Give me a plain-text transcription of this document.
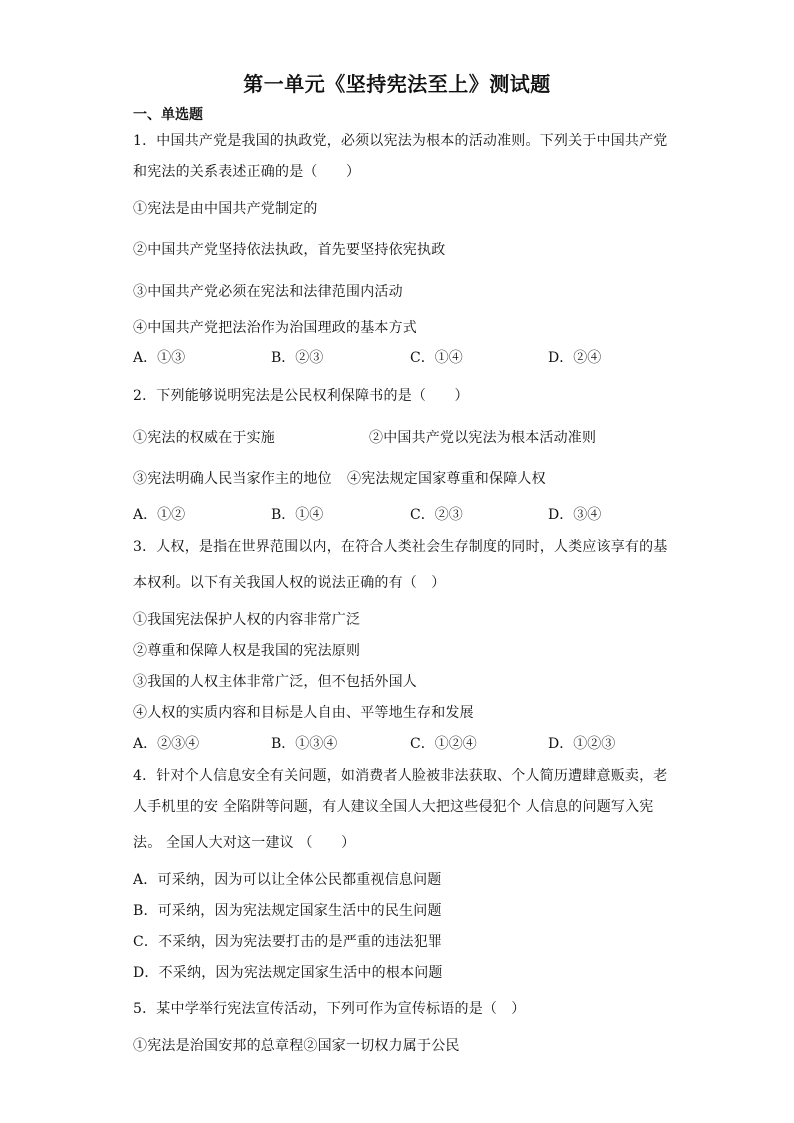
第一单元《坚持宪法至上》测试题
一、单选题
1．中国共产党是我国的执政党，必须以宪法为根本的活动准则。下列关于中国共产党
和宪法的关系表述正确的是（　　）
①宪法是由中国共产党制定的
②中国共产党坚持依法执政，首先要坚持依宪执政
③中国共产党必须在宪法和法律范围内活动
④中国共产党把法治作为治国理政的基本方式
A．①③	B．②③	C．①④	D．②④
2．下列能够说明宪法是公民权利保障书的是（　　）
①宪法的权威在于实施	②中国共产党以宪法为根本活动准则
③宪法明确人民当家作主的地位 ④宪法规定国家尊重和保障人权
A．①②	B．①④	C．②③	D．③④
3．人权，是指在世界范围以内，在符合人类社会生存制度的同时，人类应该享有的基
本权利。以下有关我国人权的说法正确的有（　）
①我国宪法保护人权的内容非常广泛
②尊重和保障人权是我国的宪法原则
③我国的人权主体非常广泛，但不包括外国人
④人权的实质内容和目标是人自由、平等地生存和发展
A．②③④	B．①③④	C．①②④	D．①②③
4．针对个人信息安全有关问题，如消费者人脸被非法获取、个人简历遭肆意贩卖，老
人手机里的安 全陷阱等问题，有人建议全国人大把这些侵犯个 人信息的问题写入宪
法。 全国人大对这一建议 （　　）
A．可采纳，因为可以让全体公民都重视信息问题
B．可采纳，因为宪法规定国家生活中的民生问题
C．不采纳，因为宪法要打击的是严重的违法犯罪
D．不采纳，因为宪法规定国家生活中的根本问题
5．某中学举行宪法宣传活动，下列可作为宣传标语的是（　）
①宪法是治国安邦的总章程②国家一切权力属于公民
